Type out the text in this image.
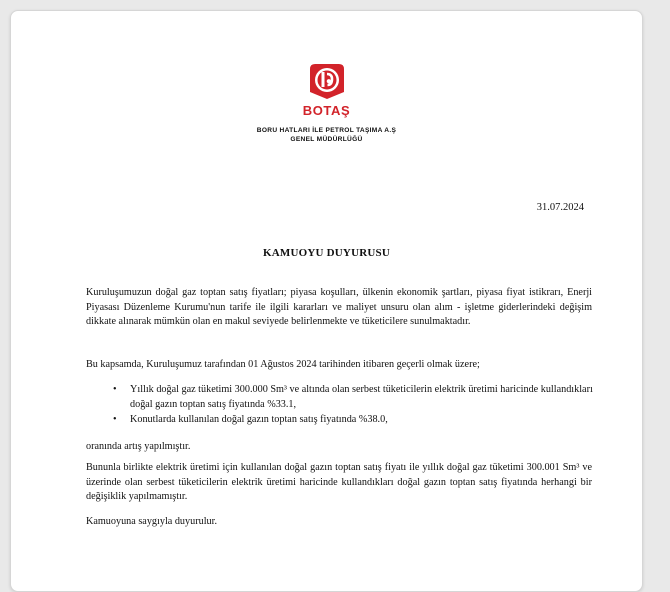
BOTAŞ
BORU HATLARI İLE PETROL TAŞIMA A.Ş
GENEL MÜDÜRLÜĞÜ
31.07.2024
KAMUOYU DUYURUSU
Kuruluşumuzun doğal gaz toptan satış fiyatları; piyasa koşulları, ülkenin ekonomik şartları, piyasa fiyat istikrarı, Enerji Piyasası Düzenleme Kurumu'nun tarife ile ilgili kararları ve maliyet unsuru olan alım - işletme giderlerindeki değişim dikkate alınarak mümkün olan en makul seviyede belirlenmekte ve tüketicilere sunulmaktadır.
Bu kapsamda, Kuruluşumuz tarafından 01 Ağustos 2024 tarihinden itibaren geçerli olmak üzere;
• Yıllık doğal gaz tüketimi 300.000 Sm³ ve altında olan serbest tüketicilerin elektrik üretimi haricinde kullandıkları doğal gazın toptan satış fiyatında %33.1,
• Konutlarda kullanılan doğal gazın toptan satış fiyatında %38.0,
oranında artış yapılmıştır.
Bununla birlikte elektrik üretimi için kullanılan doğal gazın toptan satış fiyatı ile yıllık doğal gaz tüketimi 300.001 Sm³ ve üzerinde olan serbest tüketicilerin elektrik üretimi haricinde kullandıkları doğal gazın toptan satış fiyatında herhangi bir değişiklik yapılmamıştır.
Kamuoyuna saygıyla duyurulur.
